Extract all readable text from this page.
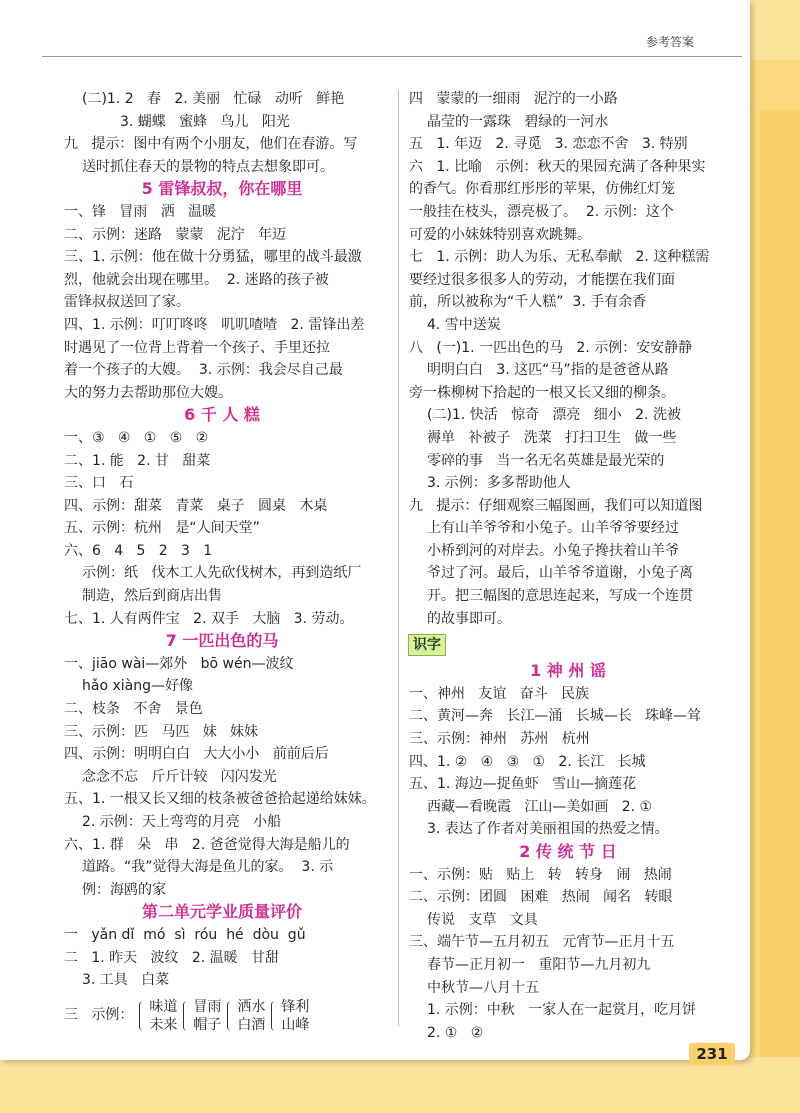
参考答案
(二)1. 2   春   2. 美丽   忙碌   动听   鲜艳
3. 蝴蝶   蜜蜂   鸟儿   阳光
九   提示：图中有两个小朋友，他们在春游。写
送时抓住春天的景物的特点去想象即可。
5 雷锋叔叔，你在哪里
一、锋   冒雨   洒   温暖
二、示例：迷路   蒙蒙   泥泞   年迈
三、1. 示例：他在做十分勇猛，哪里的战斗最激
烈，他就会出现在哪里。  2. 迷路的孩子被
雷锋叔叔送回了家。
四、1. 示例：叮叮咚咚   叽叽喳喳   2. 雷锋出差
时遇见了一位背上背着一个孩子、手里还拉
着一个孩子的大嫂。  3. 示例：我会尽自己最
大的努力去帮助那位大嫂。
6 千 人 糕
一、③   ④   ①   ⑤   ②
二、1. 能   2. 甘   甜菜
三、口   石
四、示例：甜菜   青菜   桌子   圆桌   木桌
五、示例：杭州   是“人间天堂”
六、6   4   5   2   3   1
示例：纸   伐木工人先砍伐树木，再到造纸厂
制造，然后到商店出售
七、1. 人有两件宝   2. 双手   大脑   3. 劳动。
7 一匹出色的马
一、jiāo wài—郊外   bō wén—波纹
hǎo xiàng—好像
二、枝条   不舍   景色
三、示例：匹   马匹   妹   妹妹
四、示例：明明白白   大大小小   前前后后
念念不忘   斤斤计较   闪闪发光
五、1. 一根又长又细的枝条被爸爸拾起递给妹妹。
2. 示例：天上弯弯的月亮   小船
六、1. 群   朵   串   2. 爸爸觉得大海是船儿的
道路。“我”觉得大海是鱼儿的家。  3. 示
例：海鸥的家
第二单元学业质量评价
一   yǎn dǐ  mó  sì  róu  hé  dòu  gǔ
二   1. 昨天   波纹   2. 温暖   甘甜
3. 工具   白菜
三   示例：
味道
未来
冒雨
帽子
洒水
白酒
锋利
山峰
四   蒙蒙的一细雨   泥泞的一小路
晶莹的一露珠   碧绿的一河水
五   1. 年迈   2. 寻觅   3. 恋恋不舍   3. 特别
六   1. 比喻   示例：秋天的果园充满了各种果实
的香气。你看那红彤彤的苹果，仿佛红灯笼
一般挂在枝头，漂亮极了。  2. 示例：这个
可爱的小妹妹特别喜欢跳舞。
七   1. 示例：助人为乐、无私奉献   2. 这种糕需
要经过很多很多人的劳动，才能摆在我们面
前，所以被称为“千人糕”  3. 手有余香
4. 雪中送炭
八   (一)1. 一匹出色的马   2. 示例：安安静静
明明白白   3. 这匹“马”指的是爸爸从路
旁一株柳树下拾起的一根又长又细的柳条。
(二)1. 快活   惊奇   漂亮   细小   2. 洗被
褥单   补被子   洗菜   打扫卫生   做一些
零碎的事   当一名无名英雄是最光荣的
3. 示例：多多帮助他人
九   提示：仔细观察三幅图画，我们可以知道图
上有山羊爷爷和小兔子。山羊爷爷要经过
小桥到河的对岸去。小兔子搀扶着山羊爷
爷过了河。最后，山羊爷爷道谢，小兔子离
开。把三幅图的意思连起来，写成一个连贯
的故事即可。
识字
1 神 州 谣
一、神州   友谊   奋斗   民族
二、黄河—奔   长江—涌   长城—长   珠峰—耸
三、示例：神州   苏州   杭州
四、1. ②   ④   ③   ①   2. 长江   长城
五、1. 海边—捉鱼虾   雪山—摘莲花
西藏—看晚霞   江山—美如画   2. ①
3. 表达了作者对美丽祖国的热爱之情。
2 传 统 节 日
一、示例：贴   贴上   转   转身   闹   热闹
二、示例：团圆   困难   热闹   闻名   转眼
传说   支草   文具
三、端午节—五月初五   元宵节—正月十五
春节—正月初一   重阳节—九月初九
中秋节—八月十五
1. 示例：中秋   一家人在一起赏月，吃月饼
2. ①   ②
231
